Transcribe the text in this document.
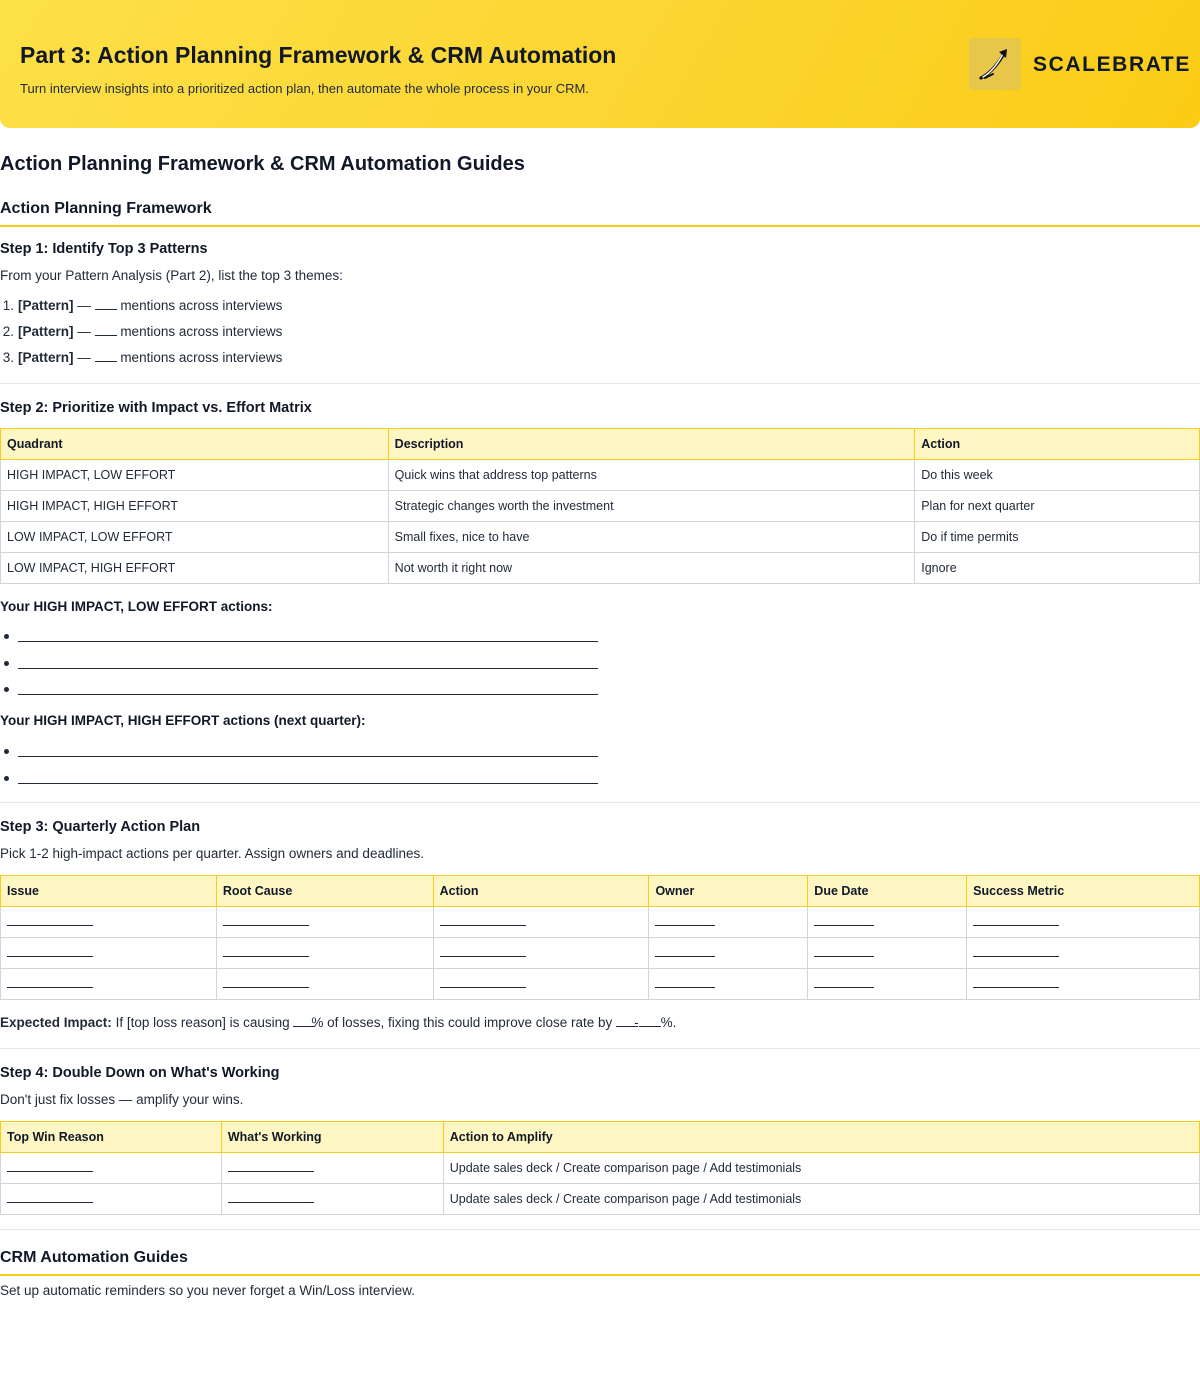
Part 3: Action Planning Framework & CRM Automation
Turn interview insights into a prioritized action plan, then automate the whole process in your CRM.
SCALEBRATE
Action Planning Framework & CRM Automation Guides
Action Planning Framework
Step 1: Identify Top 3 Patterns
From your Pattern Analysis (Part 2), list the top 3 themes:
1. [Pattern] — mentions across interviews
2. [Pattern] — mentions across interviews
3. [Pattern] — mentions across interviews
Step 2: Prioritize with Impact vs. Effort Matrix
Quadrant	Description	Action
HIGH IMPACT, LOW EFFORT	Quick wins that address top patterns	Do this week
HIGH IMPACT, HIGH EFFORT	Strategic changes worth the investment	Plan for next quarter
LOW IMPACT, LOW EFFORT	Small fixes, nice to have	Do if time permits
LOW IMPACT, HIGH EFFORT	Not worth it right now	Ignore
Your HIGH IMPACT, LOW EFFORT actions:
Your HIGH IMPACT, HIGH EFFORT actions (next quarter):
Step 3: Quarterly Action Plan
Pick 1-2 high-impact actions per quarter. Assign owners and deadlines.
Issue	Root Cause	Action	Owner	Due Date	Success Metric

Expected Impact: If [top loss reason] is causing % of losses, fixing this could improve close rate by - %.
Step 4: Double Down on What's Working
Don't just fix losses — amplify your wins.
Top Win Reason	What's Working	Action to Amplify
		Update sales deck / Create comparison page / Add testimonials
		Update sales deck / Create comparison page / Add testimonials
CRM Automation Guides
Set up automatic reminders so you never forget a Win/Loss interview.
